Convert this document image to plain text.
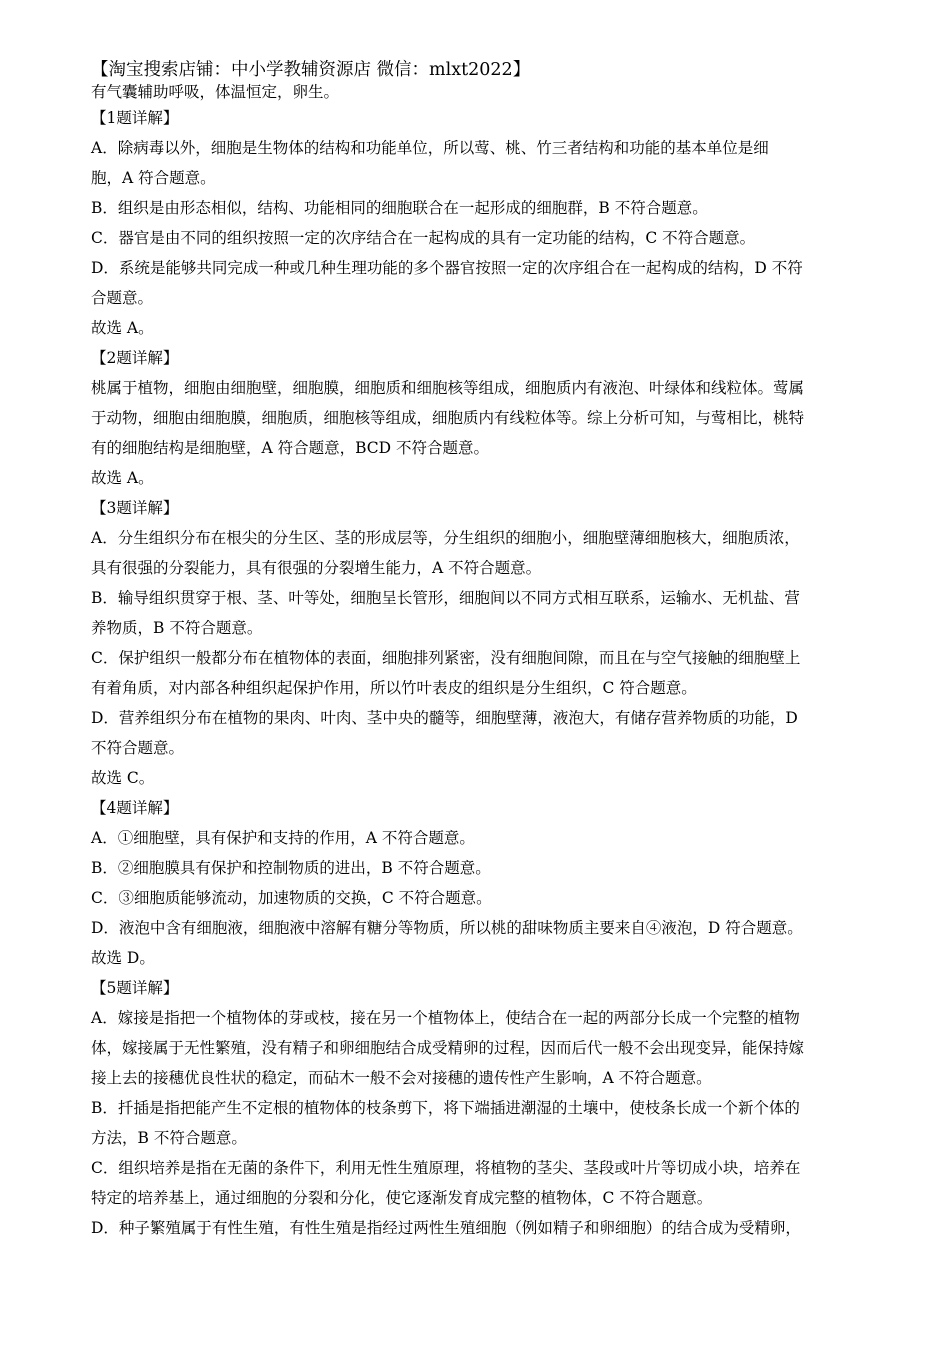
【淘宝搜索店铺：中小学教辅资源店 微信：mlxt2022】
有气囊辅助呼吸，体温恒定，卵生。
【1题详解】
A．除病毒以外，细胞是生物体的结构和功能单位，所以莺、桃、竹三者结构和功能的基本单位是细
胞，A 符合题意。
B．组织是由形态相似，结构、功能相同的细胞联合在一起形成的细胞群，B 不符合题意。
C．器官是由不同的组织按照一定的次序结合在一起构成的具有一定功能的结构，C 不符合题意。
D．系统是能够共同完成一种或几种生理功能的多个器官按照一定的次序组合在一起构成的结构，D 不符
合题意。
故选 A。
【2题详解】
桃属于植物，细胞由细胞壁，细胞膜，细胞质和细胞核等组成，细胞质内有液泡、叶绿体和线粒体。莺属
于动物，细胞由细胞膜，细胞质，细胞核等组成，细胞质内有线粒体等。综上分析可知，与莺相比，桃特
有的细胞结构是细胞壁，A 符合题意，BCD 不符合题意。
故选 A。
【3题详解】
A．分生组织分布在根尖的分生区、茎的形成层等，分生组织的细胞小，细胞壁薄细胞核大，细胞质浓，
具有很强的分裂能力，具有很强的分裂增生能力，A 不符合题意。
B．输导组织贯穿于根、茎、叶等处，细胞呈长管形，细胞间以不同方式相互联系，运输水、无机盐、营
养物质，B 不符合题意。
C．保护组织一般都分布在植物体的表面，细胞排列紧密，没有细胞间隙，而且在与空气接触的细胞壁上
有着角质，对内部各种组织起保护作用，所以竹叶表皮的组织是分生组织，C 符合题意。
D．营养组织分布在植物的果肉、叶肉、茎中央的髓等，细胞壁薄，液泡大，有储存营养物质的功能，D
不符合题意。
故选 C。
【4题详解】
A．①细胞壁，具有保护和支持的作用，A 不符合题意。
B．②细胞膜具有保护和控制物质的进出，B 不符合题意。
C．③细胞质能够流动，加速物质的交换，C 不符合题意。
D．液泡中含有细胞液，细胞液中溶解有糖分等物质，所以桃的甜味物质主要来自④液泡，D 符合题意。
故选 D。
【5题详解】
A．嫁接是指把一个植物体的芽或枝，接在另一个植物体上，使结合在一起的两部分长成一个完整的植物
体，嫁接属于无性繁殖，没有精子和卵细胞结合成受精卵的过程，因而后代一般不会出现变异，能保持嫁
接上去的接穗优良性状的稳定，而砧木一般不会对接穗的遗传性产生影响，A 不符合题意。
B．扦插是指把能产生不定根的植物体的枝条剪下，将下端插进潮湿的土壤中，使枝条长成一个新个体的
方法，B 不符合题意。
C．组织培养是指在无菌的条件下，利用无性生殖原理，将植物的茎尖、茎段或叶片等切成小块，培养在
特定的培养基上，通过细胞的分裂和分化，使它逐渐发育成完整的植物体，C 不符合题意。
D．种子繁殖属于有性生殖，有性生殖是指经过两性生殖细胞（例如精子和卵细胞）的结合成为受精卵，
